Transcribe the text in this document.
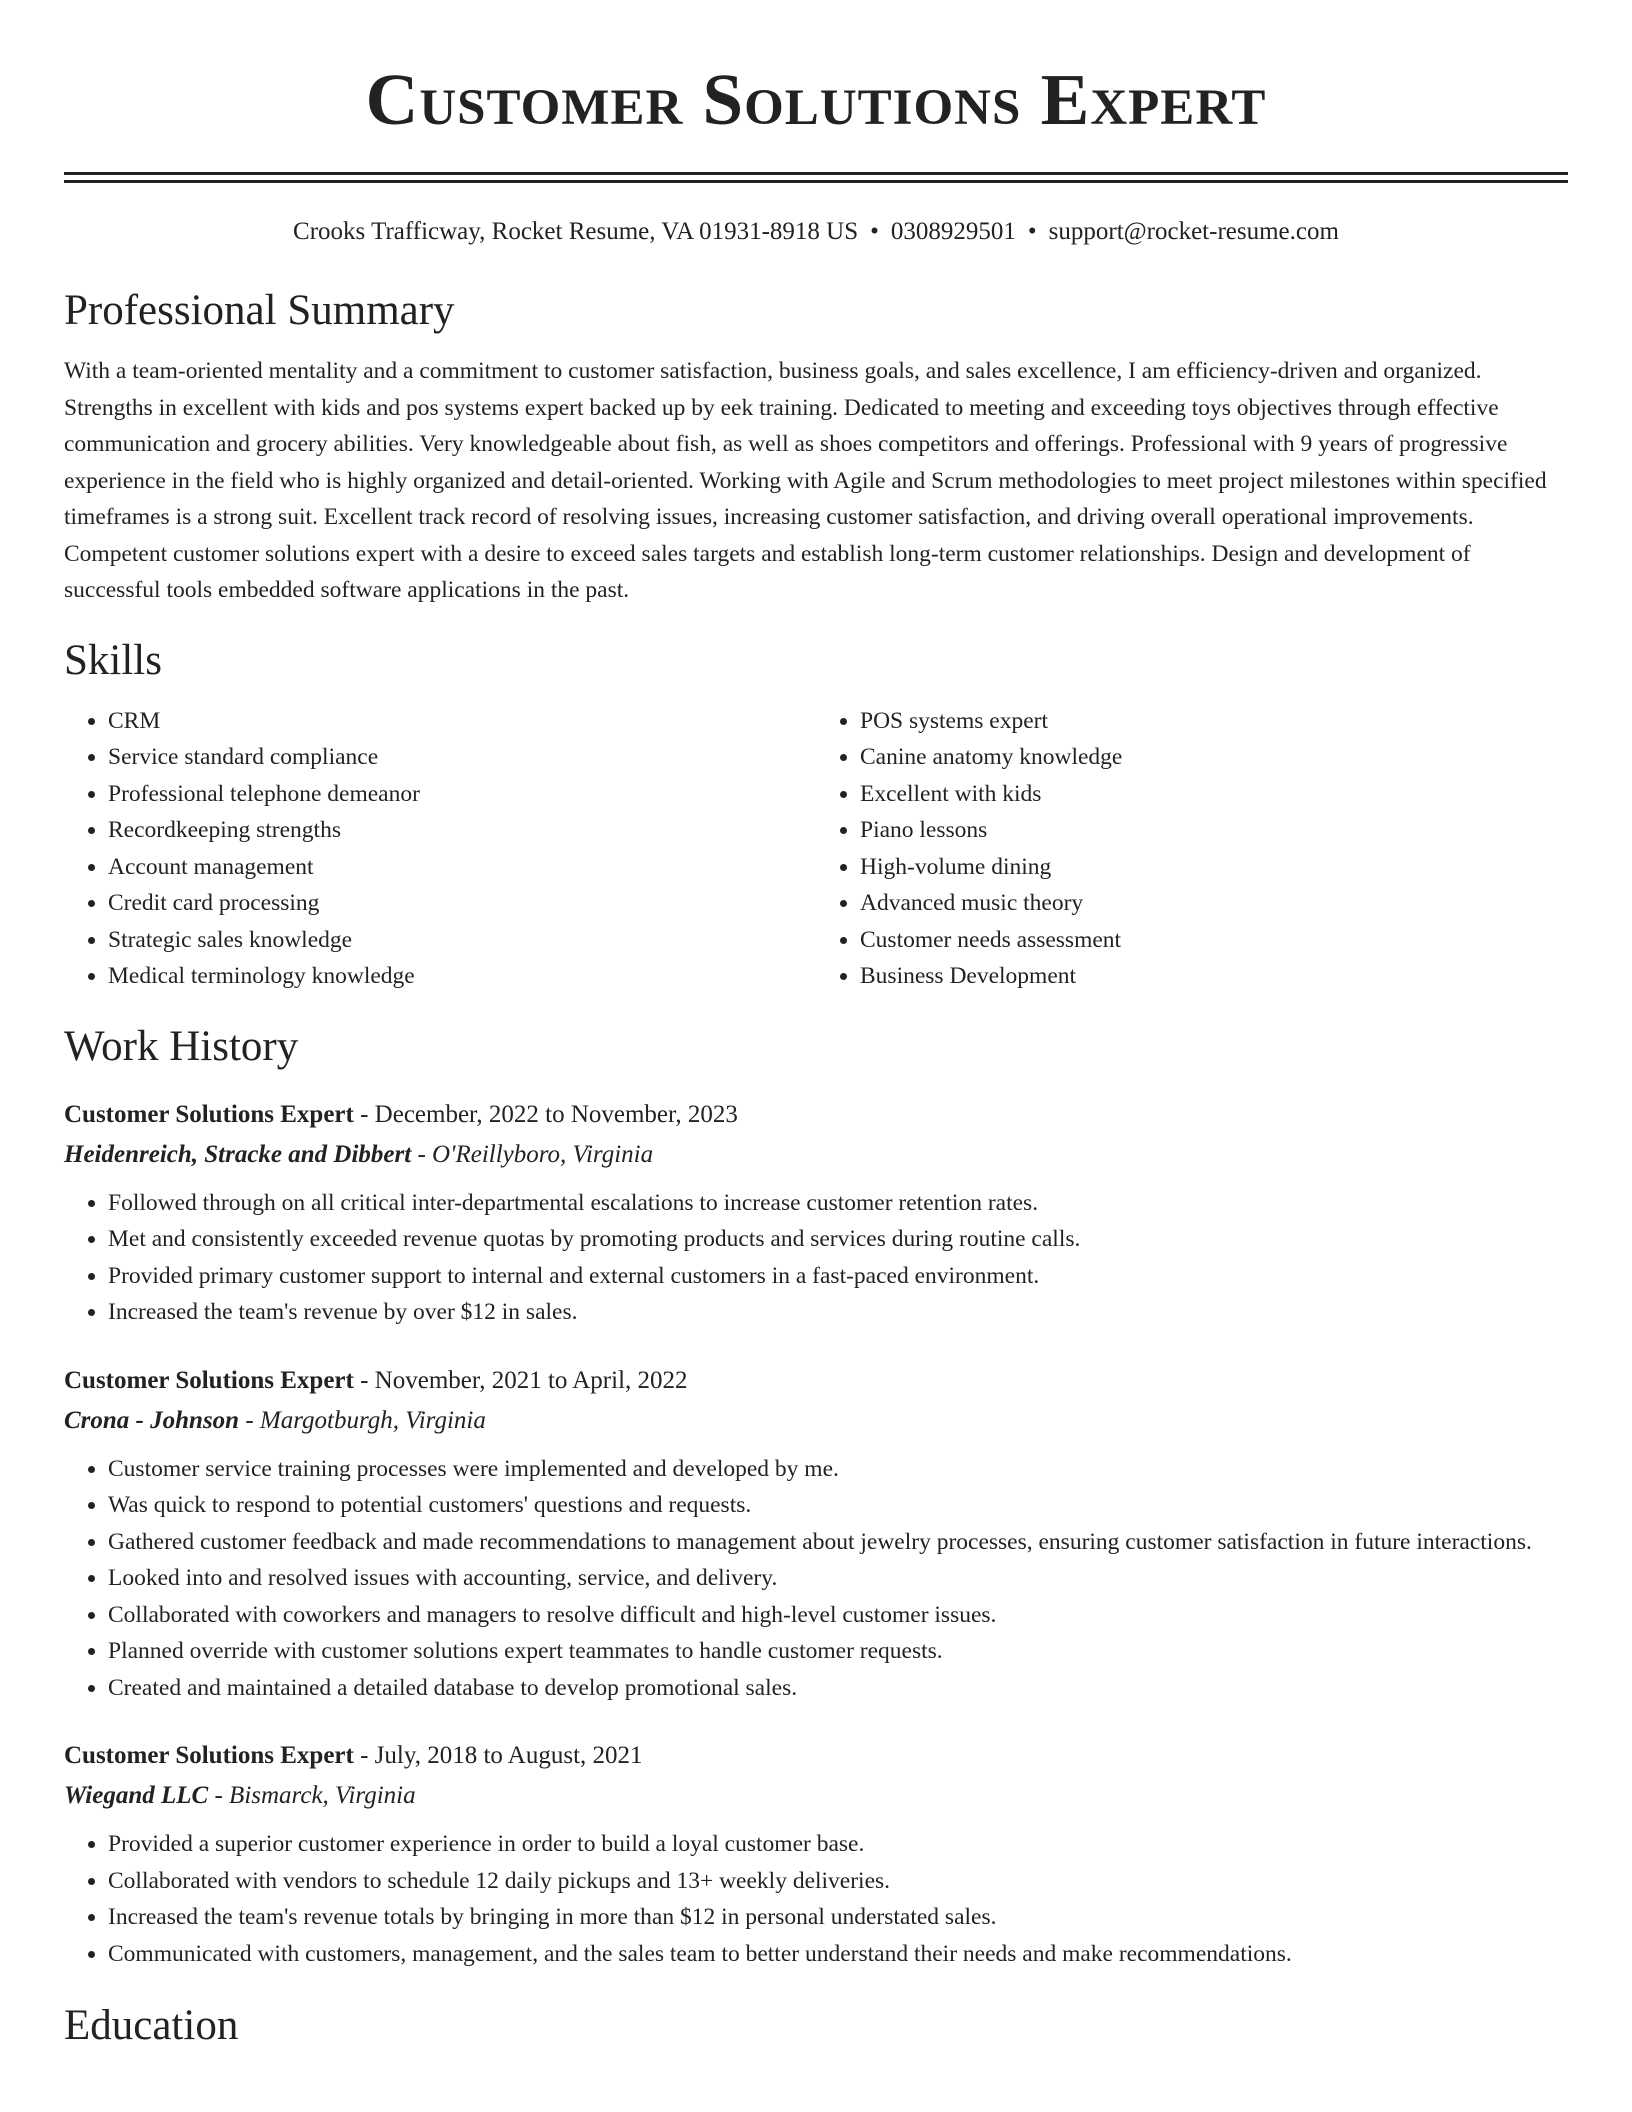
Customer Solutions Expert
Crooks Trafficway, Rocket Resume, VA 01931-8918 US • 0308929501 • support@rocket-resume.com
Professional Summary

With a team-oriented mentality and a commitment to customer satisfaction, business goals, and sales excellence, I am efficiency-driven and organized. Strengths in excellent with kids and pos systems expert backed up by eek training. Dedicated to meeting and exceeding toys objectives through effective communication and grocery abilities. Very knowledgeable about fish, as well as shoes competitors and offerings. Professional with 9 years of progressive experience in the field who is highly organized and detail-oriented. Working with Agile and Scrum methodologies to meet project milestones within specified timeframes is a strong suit. Excellent track record of resolving issues, increasing customer satisfaction, and driving overall operational improvements. Competent customer solutions expert with a desire to exceed sales targets and establish long-term customer relationships. Design and development of successful tools embedded software applications in the past.

Skills
• CRM
• Service standard compliance
• Professional telephone demeanor
• Recordkeeping strengths
• Account management
• Credit card processing
• Strategic sales knowledge
• Medical terminology knowledge
• POS systems expert
• Canine anatomy knowledge
• Excellent with kids
• Piano lessons
• High-volume dining
• Advanced music theory
• Customer needs assessment
• Business Development
Work History
Customer Solutions Expert - December, 2022 to November, 2023
Heidenreich, Stracke and Dibbert - O'Reillyboro, Virginia
• Followed through on all critical inter-departmental escalations to increase customer retention rates.
• Met and consistently exceeded revenue quotas by promoting products and services during routine calls.
• Provided primary customer support to internal and external customers in a fast-paced environment.
• Increased the team's revenue by over $12 in sales.
Customer Solutions Expert - November, 2021 to April, 2022
Crona - Johnson - Margotburgh, Virginia
• Customer service training processes were implemented and developed by me.
• Was quick to respond to potential customers' questions and requests.
• Gathered customer feedback and made recommendations to management about jewelry processes, ensuring customer satisfaction in future interactions.
• Looked into and resolved issues with accounting, service, and delivery.
• Collaborated with coworkers and managers to resolve difficult and high-level customer issues.
• Planned override with customer solutions expert teammates to handle customer requests.
• Created and maintained a detailed database to develop promotional sales.
Customer Solutions Expert - July, 2018 to August, 2021
Wiegand LLC - Bismarck, Virginia
• Provided a superior customer experience in order to build a loyal customer base.
• Collaborated with vendors to schedule 12 daily pickups and 13+ weekly deliveries.
• Increased the team's revenue totals by bringing in more than $12 in personal understated sales.
• Communicated with customers, management, and the sales team to better understand their needs and make recommendations.
Education
